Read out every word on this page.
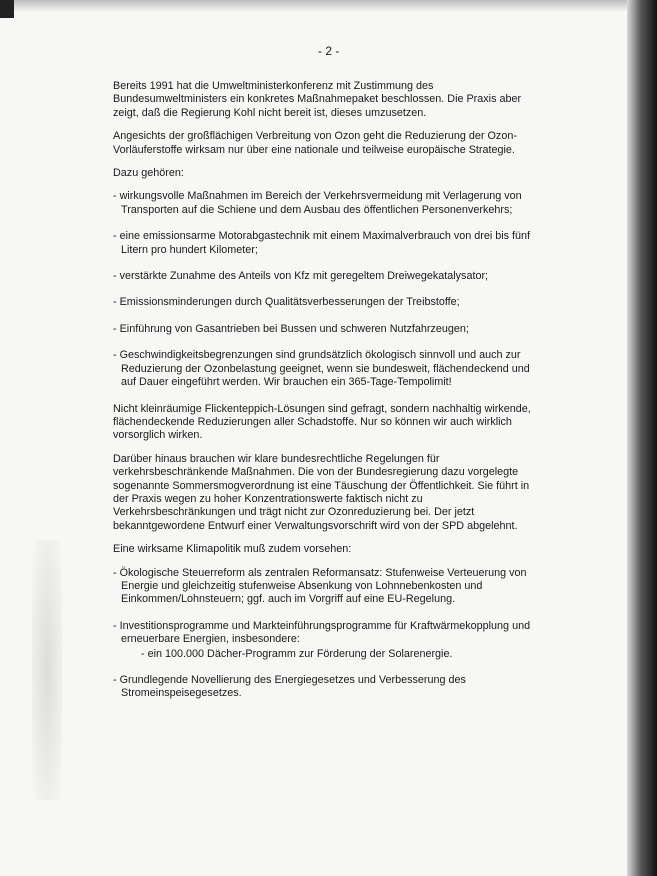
- 2 -

Bereits 1991 hat die Umweltministerkonferenz mit Zustimmung des Bundesumweltministers ein konkretes Maßnahmepaket beschlossen. Die Praxis aber zeigt, daß die Regierung Kohl nicht bereit ist, dieses umzusetzen.

Angesichts der großflächigen Verbreitung von Ozon geht die Reduzierung der Ozon-Vorläuferstoffe wirksam nur über eine nationale und teilweise europäische Strategie.

Dazu gehören:

- wirkungsvolle Maßnahmen im Bereich der Verkehrsvermeidung mit Verlagerung von Transporten auf die Schiene und dem Ausbau des öffentlichen Personenverkehrs;

- eine emissionsarme Motorabgastechnik mit einem Maximalverbrauch von drei bis fünf Litern pro hundert Kilometer;

- verstärkte Zunahme des Anteils von Kfz mit geregeltem Dreiwegekatalysator;

- Emissionsminderungen durch Qualitätsverbesserungen der Treibstoffe;

- Einführung von Gasantrieben bei Bussen und schweren Nutzfahrzeugen;

- Geschwindigkeitsbegrenzungen sind grundsätzlich ökologisch sinnvoll und auch zur Reduzierung der Ozonbelastung geeignet, wenn sie bundesweit, flächendeckend und auf Dauer eingeführt werden. Wir brauchen ein 365-Tage-Tempolimit!

Nicht kleinräumige Flickenteppich-Lösungen sind gefragt, sondern nachhaltig wirkende, flächendeckende Reduzierungen aller Schadstoffe. Nur so können wir auch wirklich vorsorglich wirken.

Darüber hinaus brauchen wir klare bundesrechtliche Regelungen für verkehrsbeschränkende Maßnahmen. Die von der Bundesregierung dazu vorgelegte sogenannte Sommersmogverordnung ist eine Täuschung der Öffentlichkeit. Sie führt in der Praxis wegen zu hoher Konzentrationswerte faktisch nicht zu Verkehrsbeschränkungen und trägt nicht zur Ozonreduzierung bei. Der jetzt bekanntgewordene Entwurf einer Verwaltungsvorschrift wird von der SPD abgelehnt.

Eine wirksame Klimapolitik muß zudem vorsehen:

- Ökologische Steuerreform als zentralen Reformansatz: Stufenweise Verteuerung von Energie und gleichzeitig stufenweise Absenkung von Lohnnebenkosten und Einkommen/Lohnsteuern; ggf. auch im Vorgriff auf eine EU-Regelung.

- Investitionsprogramme und Markteinführungsprogramme für Kraftwärmekopplung und erneuerbare Energien, insbesondere:
- ein 100.000 Dächer-Programm zur Förderung der Solarenergie.

- Grundlegende Novellierung des Energiegesetzes und Verbesserung des Stromeinspeisegesetzes.
